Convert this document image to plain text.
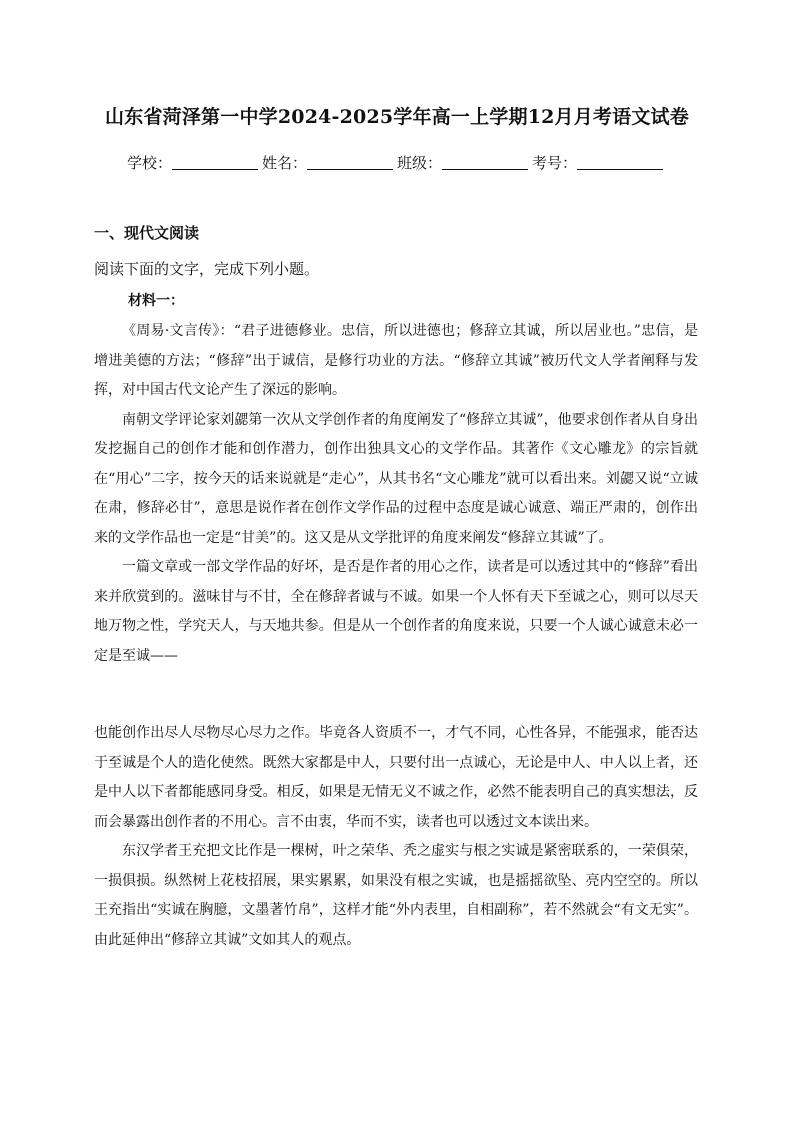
山东省菏泽第一中学2024-2025学年高一上学期12月月考语文试卷
学校：	姓名：	班级：	考号：
一、现代文阅读
阅读下面的文字，完成下列小题。
材料一：

《周易·文言传》：“君子进德修业。忠信，所以进德也；修辞立其诚，所以居业也。”忠信，是增进美德的方法；“修辞”出于诚信，是修行功业的方法。“修辞立其诚”被历代文人学者阐释与发挥，对中国古代文论产生了深远的影响。

南朝文学评论家刘勰第一次从文学创作者的角度阐发了“修辞立其诚”，他要求创作者从自身出发挖掘自己的创作才能和创作潜力，创作出独具文心的文学作品。其著作《文心雕龙》的宗旨就在“用心”二字，按今天的话来说就是“走心”，从其书名“文心雕龙”就可以看出来。刘勰又说“立诚在肃，修辞必甘”，意思是说作者在创作文学作品的过程中态度是诚心诚意、端正严肃的，创作出来的文学作品也一定是“甘美”的。这又是从文学批评的角度来阐发“修辞立其诚”了。

一篇文章或一部文学作品的好坏，是否是作者的用心之作，读者是可以透过其中的“修辞”看出来并欣赏到的。滋味甘与不甘，全在修辞者诚与不诚。如果一个人怀有天下至诚之心，则可以尽天地万物之性，学究天人，与天地共参。但是从一个创作者的角度来说，只要一个人诚心诚意未必一定是至诚——

也能创作出尽人尽物尽心尽力之作。毕竟各人资质不一，才气不同，心性各异，不能强求，能否达于至诚是个人的造化使然。既然大家都是中人，只要付出一点诚心，无论是中人、中人以上者，还是中人以下者都能感同身受。相反，如果是无情无义不诚之作，必然不能表明自己的真实想法，反而会暴露出创作者的不用心。言不由衷，华而不实，读者也可以透过文本读出来。

东汉学者王充把文比作是一棵树，叶之荣华、秃之虚实与根之实诚是紧密联系的，一荣俱荣，一损俱损。纵然树上花枝招展，果实累累，如果没有根之实诚，也是摇摇欲坠、亮内空空的。所以王充指出“实诚在胸臆，文墨著竹帛”，这样才能“外内表里，自相副称”，若不然就会“有文无实”。由此延伸出“修辞立其诚”文如其人的观点。
